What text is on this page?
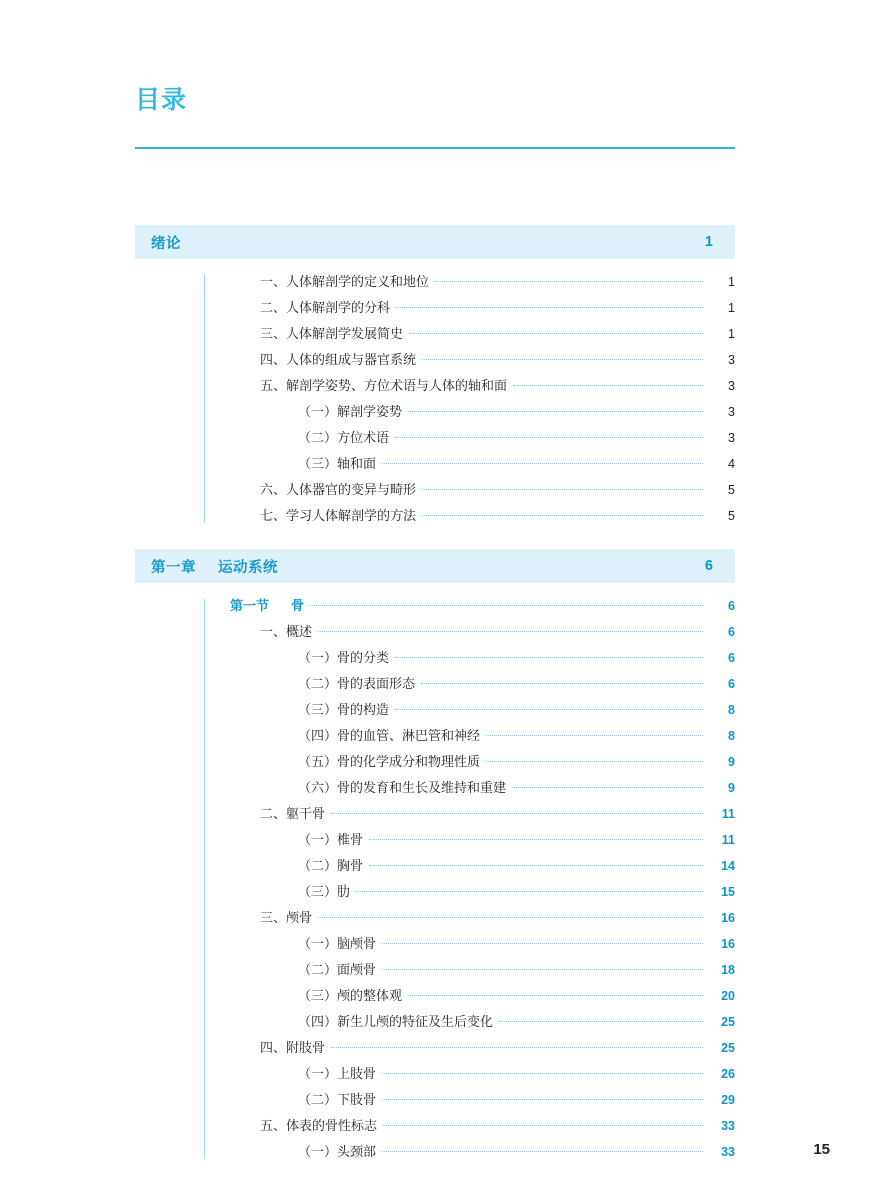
目录
绪论	1
一、人体解剖学的定义和地位	1
二、人体解剖学的分科	1
三、人体解剖学发展简史	1
四、人体的组成与器官系统	3
五、解剖学姿势、方位术语与人体的轴和面	3
（一）解剖学姿势	3
（二）方位术语	3
（三）轴和面	4
六、人体器官的变异与畸形	5
七、学习人体解剖学的方法	5
第一章 运动系统	6
第一节 骨	6
一、概述	6
（一）骨的分类	6
（二）骨的表面形态	6
（三）骨的构造	8
（四）骨的血管、淋巴管和神经	8
（五）骨的化学成分和物理性质	9
（六）骨的发育和生长及维持和重建	9
二、躯干骨	11
（一）椎骨	11
（二）胸骨	14
（三）肋	15
三、颅骨	16
（一）脑颅骨	16
（二）面颅骨	18
（三）颅的整体观	20
（四）新生儿颅的特征及生后变化	25
四、附肢骨	25
（一）上肢骨	26
（二）下肢骨	29
五、体表的骨性标志	33
（一）头颈部	33	15
